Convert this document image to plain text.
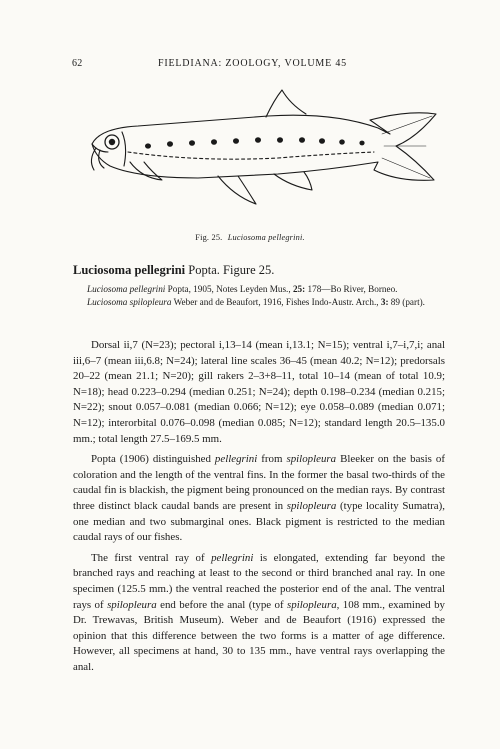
62	FIELDIANA: ZOOLOGY, VOLUME 45
Fig. 25. Luciosoma pellegrini.
Luciosoma pellegrini Popta. Figure 25.
Luciosoma pellegrini Popta, 1905, Notes Leyden Mus., 25: 178—Bo River, Borneo.
Luciosoma spilopleura Weber and de Beaufort, 1916, Fishes Indo-Austr. Arch., 3: 89 (part).

Dorsal ii,7 (N=23); pectoral i,13–14 (mean i,13.1; N=15); ventral i,7–i,7,i; anal iii,6–7 (mean iii,6.8; N=24); lateral line scales 36–45 (mean 40.2; N=12); predorsals 20–22 (mean 21.1; N=20); gill rakers 2–3+8–11, total 10–14 (mean of total 10.9; N=18); head 0.223–0.294 (median 0.251; N=24); depth 0.198–0.234 (median 0.215; N=22); snout 0.057–0.081 (median 0.066; N=12); eye 0.058–0.089 (median 0.071; N=12); interorbital 0.076–0.098 (median 0.085; N=12); standard length 20.5–135.0 mm.; total length 27.5–169.5 mm.

Popta (1906) distinguished pellegrini from spilopleura Bleeker on the basis of coloration and the length of the ventral fins. In the former the basal two-thirds of the caudal fin is blackish, the pigment being pronounced on the median rays. By contrast three distinct black caudal bands are present in spilopleura (type locality Sumatra), one median and two submarginal ones. Black pigment is restricted to the median caudal rays of our fishes.

The first ventral ray of pellegrini is elongated, extending far beyond the branched rays and reaching at least to the second or third branched anal ray. In one specimen (125.5 mm.) the ventral reached the posterior end of the anal. The ventral rays of spilopleura end before the anal (type of spilopleura, 108 mm., examined by Dr. Trewavas, British Museum). Weber and de Beaufort (1916) expressed the opinion that this difference between the two forms is a matter of age difference. However, all specimens at hand, 30 to 135 mm., have ventral rays overlapping the anal.
